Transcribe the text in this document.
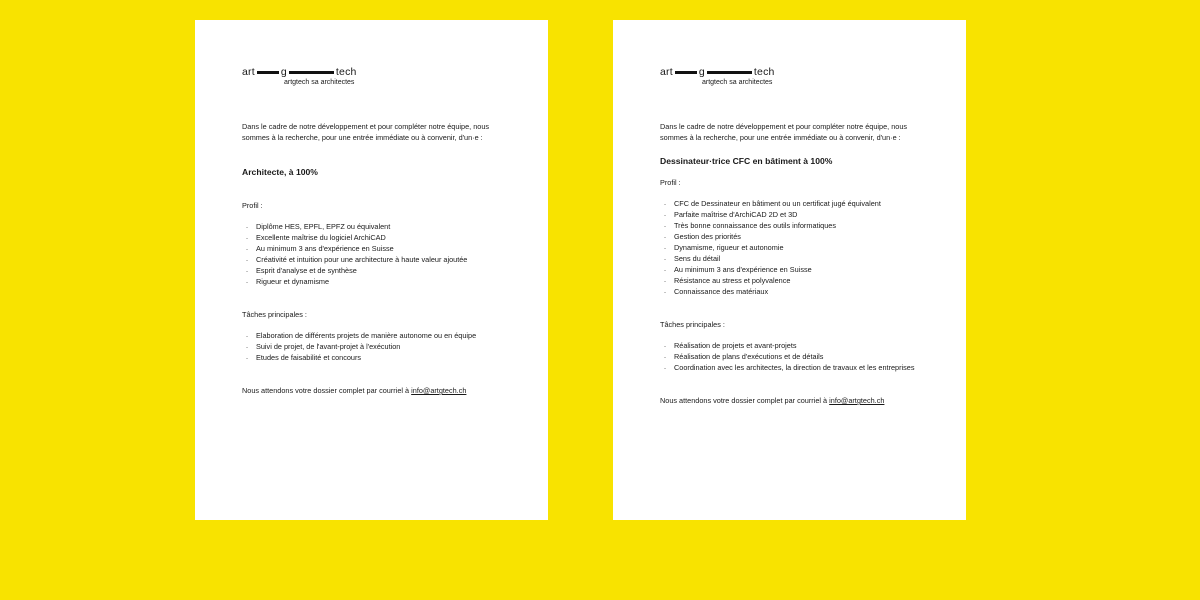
art g	tech
artgtech sa architectes

Dans le cadre de notre développement et pour compléter notre équipe, nous sommes à la recherche, pour une entrée immédiate ou à convenir, d'un·e :

Architecte, à 100%

Profil :

. Diplôme HES, EPFL, EPFZ ou équivalent
. Excellente maîtrise du logiciel ArchiCAD
. Au minimum 3 ans d'expérience en Suisse
. Créativité et intuition pour une architecture à haute valeur ajoutée
. Esprit d'analyse et de synthèse
. Rigueur et dynamisme

Tâches principales :

. Elaboration de différents projets de manière autonome ou en équipe
. Suivi de projet, de l'avant-projet à l'exécution
. Etudes de faisabilité et concours

Nous attendons votre dossier complet par courriel à info@artgtech.ch

art g	tech
artgtech sa architectes

Dans le cadre de notre développement et pour compléter notre équipe, nous sommes à la recherche, pour une entrée immédiate ou à convenir, d'un·e :

Dessinateur·trice CFC en bâtiment à 100%

Profil :

. CFC de Dessinateur en bâtiment ou un certificat jugé équivalent
. Parfaite maîtrise d'ArchiCAD 2D et 3D
. Très bonne connaissance des outils informatiques
. Gestion des priorités
. Dynamisme, rigueur et autonomie
. Sens du détail
. Au minimum 3 ans d'expérience en Suisse
. Résistance au stress et polyvalence
. Connaissance des matériaux

Tâches principales :

. Réalisation de projets et avant-projets
. Réalisation de plans d'exécutions et de détails
. Coordination avec les architectes, la direction de travaux et les entreprises

Nous attendons votre dossier complet par courriel à info@artgtech.ch
